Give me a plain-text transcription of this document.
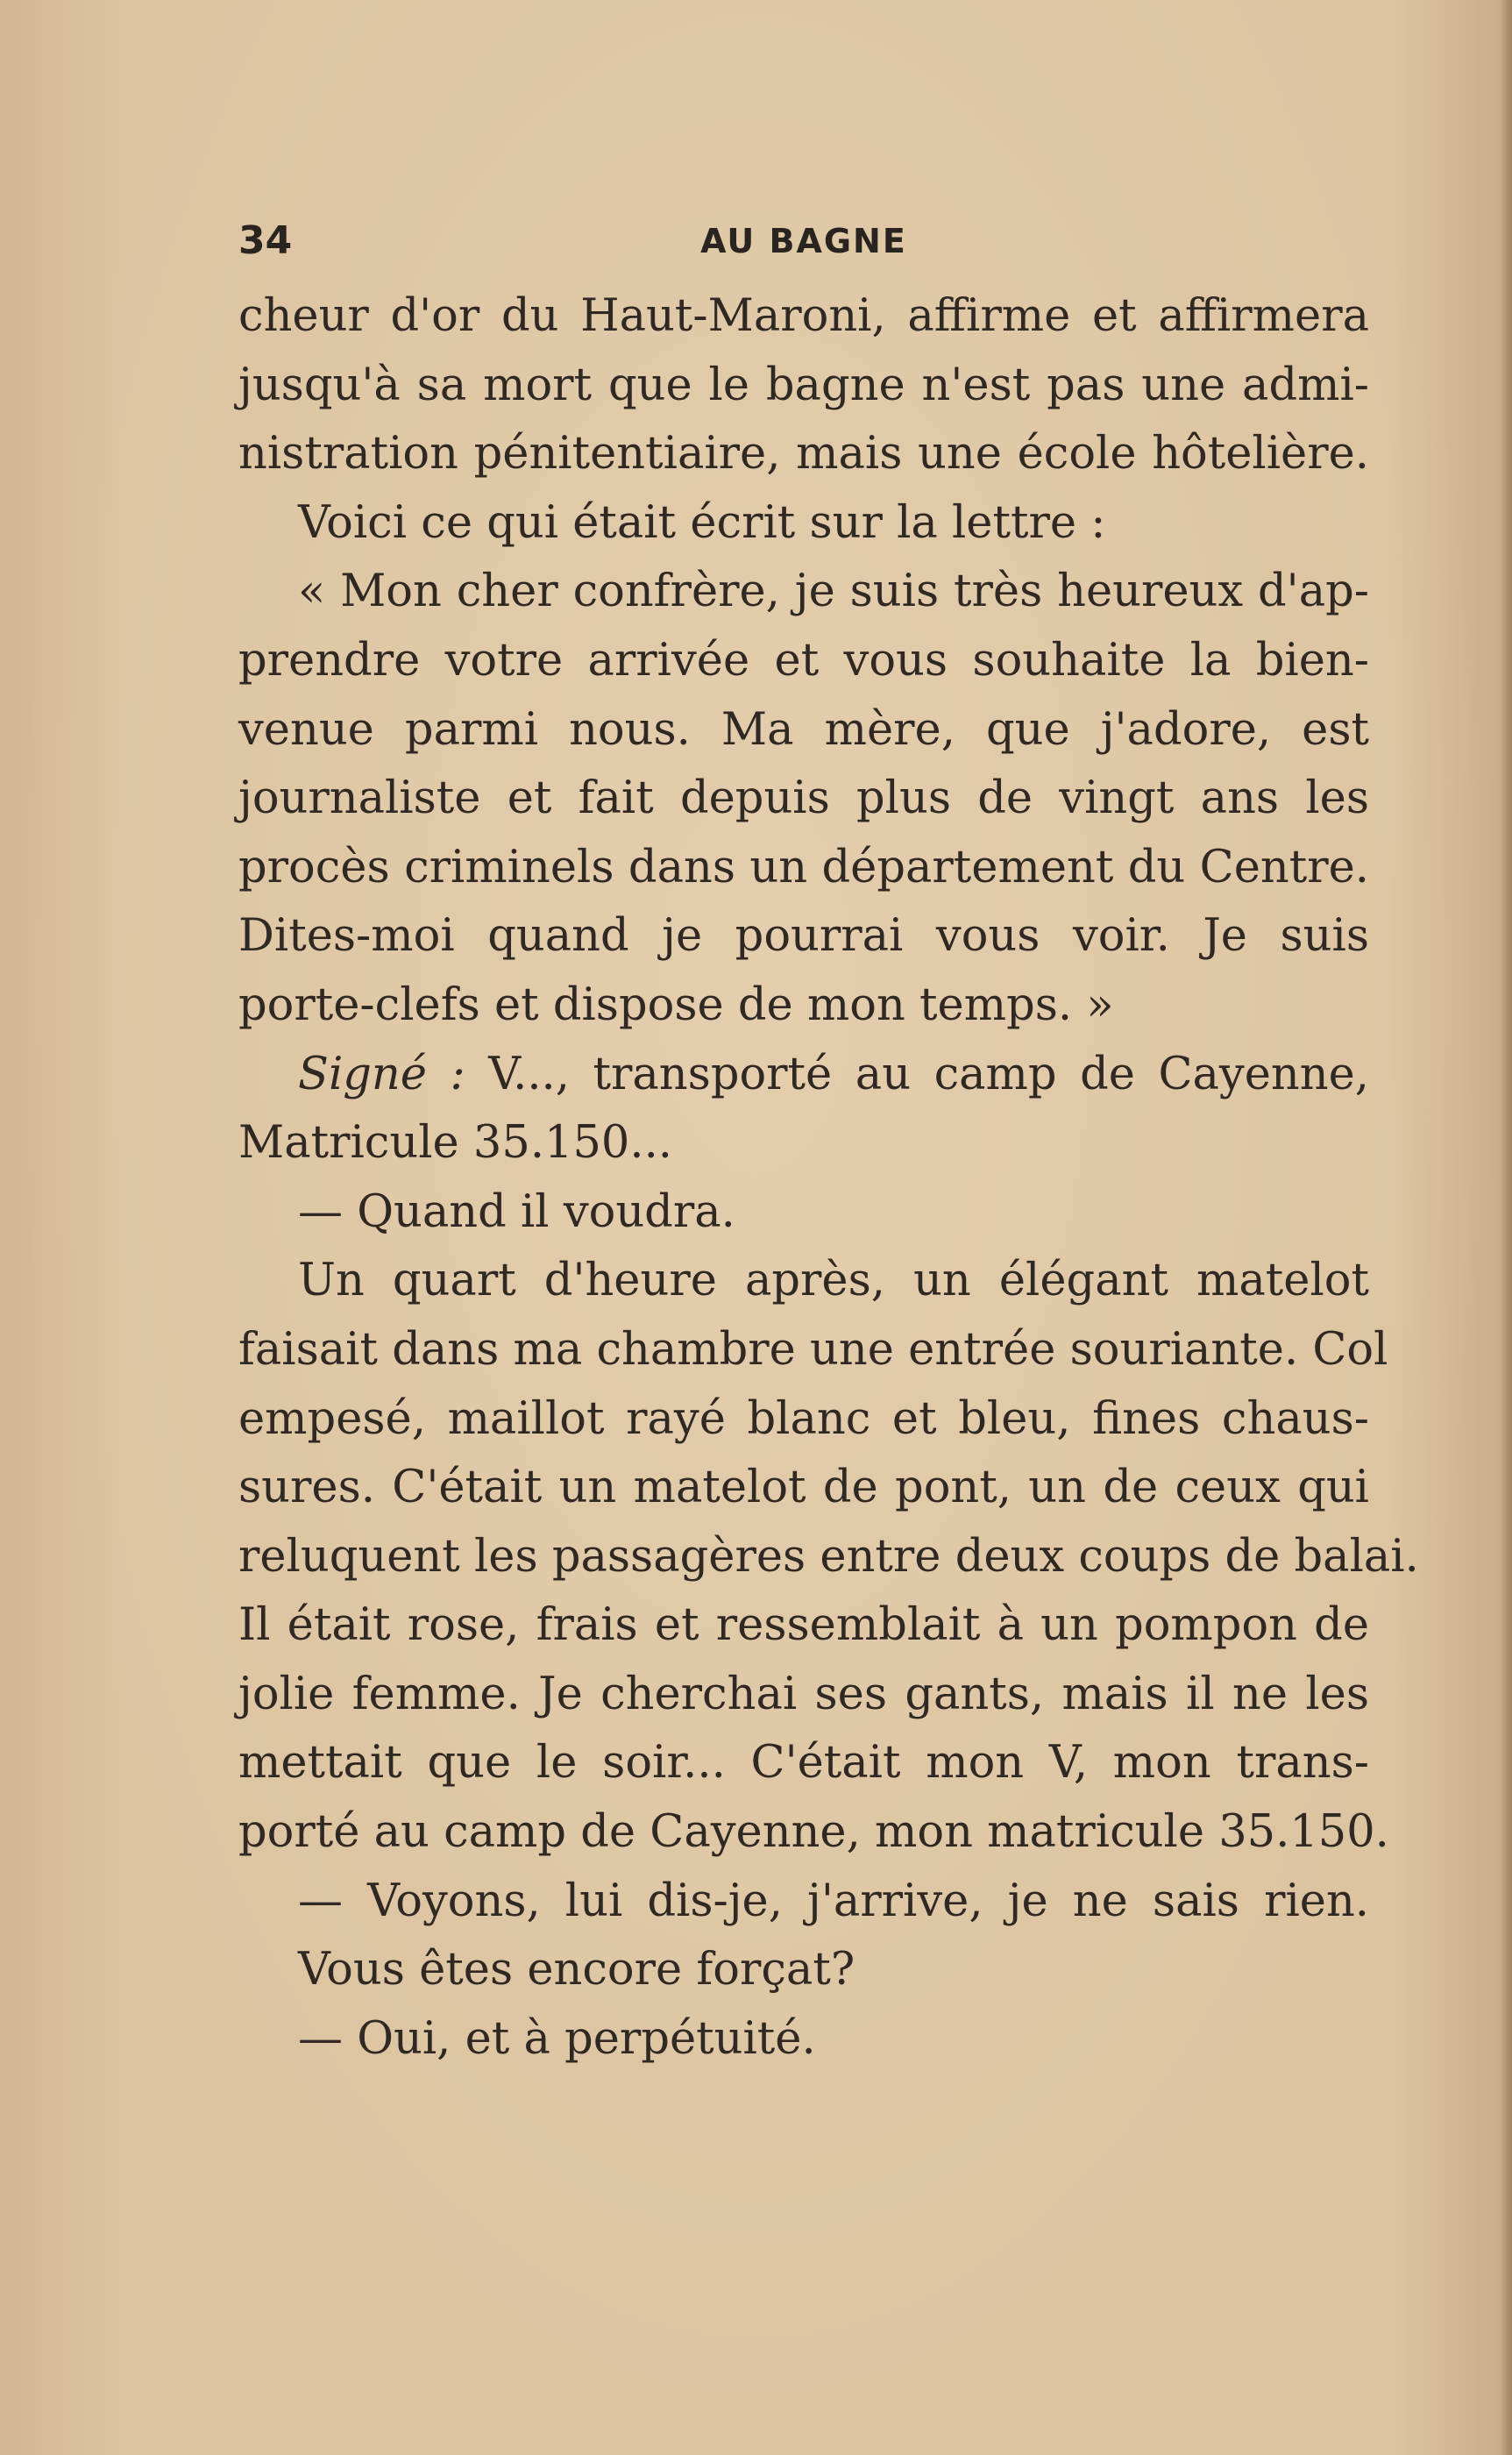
34	AU BAGNE
cheur d'or du Haut-Maroni, affirme et affirmera
jusqu'à sa mort que le bagne n'est pas une admi-
nistration pénitentiaire, mais une école hôtelière.
Voici ce qui était écrit sur la lettre :
« Mon cher confrère, je suis très heureux d'ap-
prendre votre arrivée et vous souhaite la bien-
venue parmi nous. Ma mère, que j'adore, est
journaliste et fait depuis plus de vingt ans les
procès criminels dans un département du Centre.
Dites-moi quand je pourrai vous voir. Je suis
porte-clefs et dispose de mon temps. »
Signé : V..., transporté au camp de Cayenne,
Matricule 35.150...
— Quand il voudra.
Un quart d'heure après, un élégant matelot
faisait dans ma chambre une entrée souriante. Col
empesé, maillot rayé blanc et bleu, fines chaus-
sures. C'était un matelot de pont, un de ceux qui
reluquent les passagères entre deux coups de balai.
Il était rose, frais et ressemblait à un pompon de
jolie femme. Je cherchai ses gants, mais il ne les
mettait que le soir... C'était mon V, mon trans-
porté au camp de Cayenne, mon matricule 35.150.
— Voyons, lui dis-je, j'arrive, je ne sais rien.
Vous êtes encore forçat?
— Oui, et à perpétuité.
